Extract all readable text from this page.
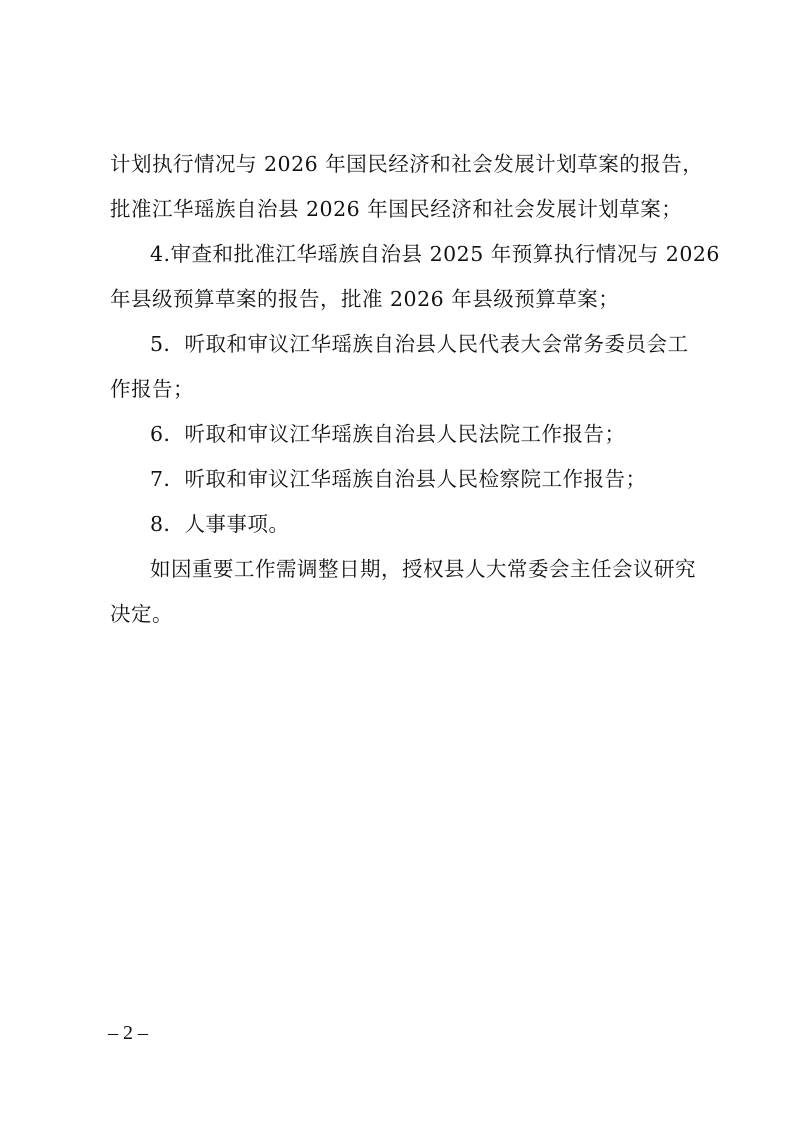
计划执行情况与 2026 年国民经济和社会发展计划草案的报告，
批准江华瑶族自治县 2026 年国民经济和社会发展计划草案；
4.审查和批准江华瑶族自治县 2025 年预算执行情况与 2026
年县级预算草案的报告，批准 2026 年县级预算草案；
5．听取和审议江华瑶族自治县人民代表大会常务委员会工
作报告；
6．听取和审议江华瑶族自治县人民法院工作报告；
7．听取和审议江华瑶族自治县人民检察院工作报告；
8．人事事项。
如因重要工作需调整日期，授权县人大常委会主任会议研究
决定。
– 2 –
